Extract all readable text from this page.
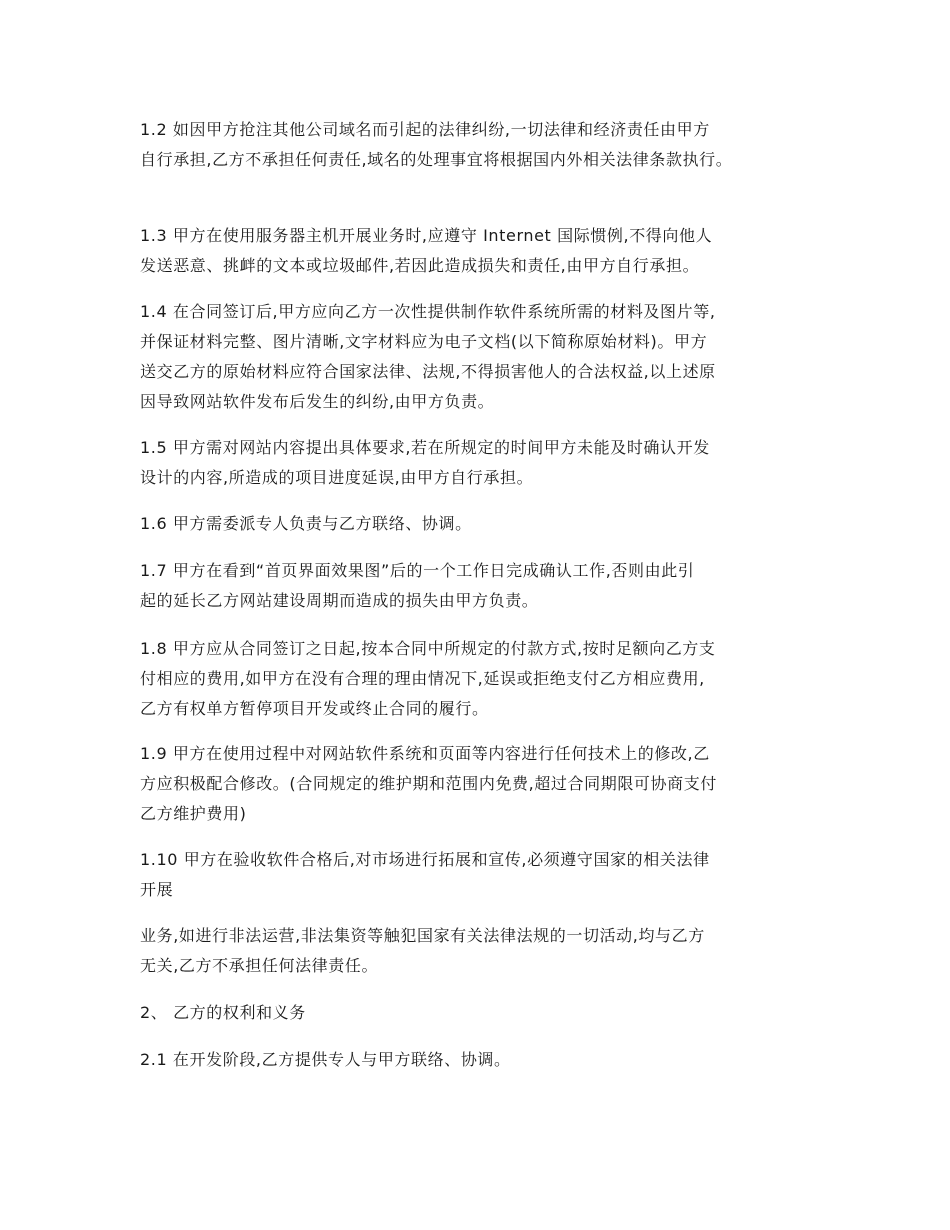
1.2 如因甲方抢注其他公司域名而引起的法律纠纷,一切法律和经济责任由甲方
自行承担,乙方不承担任何责任,域名的处理事宜将根据国内外相关法律条款执行。

1.3 甲方在使用服务器主机开展业务时,应遵守 Internet 国际惯例,不得向他人
发送恶意、挑衅的文本或垃圾邮件,若因此造成损失和责任,由甲方自行承担。

1.4 在合同签订后,甲方应向乙方一次性提供制作软件系统所需的材料及图片等,
并保证材料完整、图片清晰,文字材料应为电子文档(以下简称原始材料)。甲方
送交乙方的原始材料应符合国家法律、法规,不得损害他人的合法权益,以上述原
因导致网站软件发布后发生的纠纷,由甲方负责。

1.5 甲方需对网站内容提出具体要求,若在所规定的时间甲方未能及时确认开发
设计的内容,所造成的项目进度延误,由甲方自行承担。

1.6 甲方需委派专人负责与乙方联络、协调。

1.7 甲方在看到“首页界面效果图”后的一个工作日完成确认工作,否则由此引
起的延长乙方网站建设周期而造成的损失由甲方负责。

1.8 甲方应从合同签订之日起,按本合同中所规定的付款方式,按时足额向乙方支
付相应的费用,如甲方在没有合理的理由情况下,延误或拒绝支付乙方相应费用,
乙方有权单方暂停项目开发或终止合同的履行。

1.9 甲方在使用过程中对网站软件系统和页面等内容进行任何技术上的修改,乙
方应积极配合修改。(合同规定的维护期和范围内免费,超过合同期限可协商支付
乙方维护费用)

1.10 甲方在验收软件合格后,对市场进行拓展和宣传,必须遵守国家的相关法律
开展

业务,如进行非法运营,非法集资等触犯国家有关法律法规的一切活动,均与乙方
无关,乙方不承担任何法律责任。

2、 乙方的权利和义务

2.1 在开发阶段,乙方提供专人与甲方联络、协调。
